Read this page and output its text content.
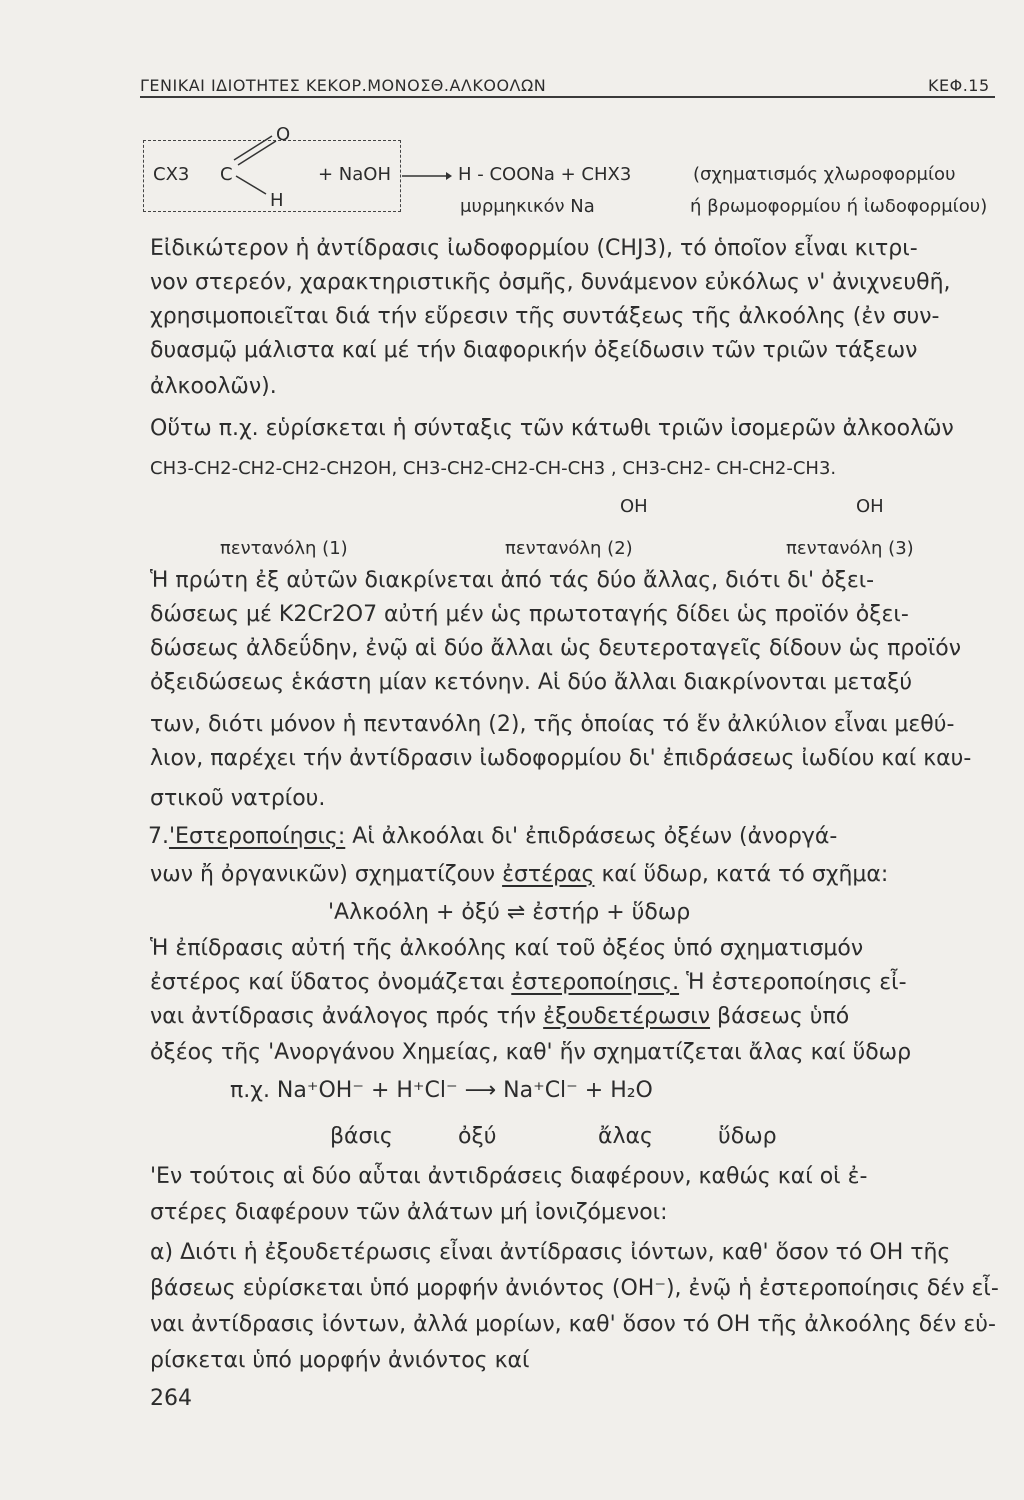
ΓΕΝΙΚΑΙ ΙΔΙΟΤΗΤΕΣ ΚΕΚΟΡ.ΜΟΝΟΣΘ.ΑΛΚΟΟΛΩΝ	ΚΕΦ.15
CX3 C
O
H
+ NaOH → H - COONa + CHX3
μυρμηκικόν Na
(σχηματισμός χλωροφορμίου
ή βρωμοφορμίου ή ἰωδοφορμίου)
Εἰδικώτερον ἡ ἀντίδρασις ἰωδοφορμίου (CHJ3), τό ὁποῖον εἶναι κιτρι-
νον στερεόν, χαρακτηριστικῆς ὀσμῆς, δυνάμενον εὐκόλως ν' ἀνιχνευθῆ,
χρησιμοποιεῖται διά τήν εὕρεσιν τῆς συντάξεως τῆς ἀλκοόλης (ἐν συν-
δυασμῷ μάλιστα καί μέ τήν διαφορικήν ὀξείδωσιν τῶν τριῶν τάξεων
ἀλκοολῶν).
Οὕτω π.χ. εὑρίσκεται ἡ σύνταξις τῶν κάτωθι τριῶν ἰσομερῶν ἀλκοολῶν
CH3-CH2-CH2-CH2-CH2OH, CH3-CH2-CH2-CH-CH3 , CH3-CH2- CH-CH2-CH3.
OH	OH
πεντανόλη (1)	πεντανόλη (2)	πεντανόλη (3)
Ἡ πρώτη ἐξ αὐτῶν διακρίνεται ἀπό τάς δύο ἄλλας, διότι δι' ὀξει-
δώσεως μέ K2Cr2O7 αὐτή μέν ὡς πρωτοταγής δίδει ὡς προϊόν ὀξει-
δώσεως ἀλδεΰδην, ἐνῷ αἱ δύο ἄλλαι ὡς δευτεροταγεῖς δίδουν ὡς προϊόν
ὀξειδώσεως ἑκάστη μίαν κετόνην. Αἱ δύο ἄλλαι διακρίνονται μεταξύ
των, διότι μόνον ἡ πεντανόλη (2), τῆς ὁποίας τό ἕν ἀλκύλιον εἶναι μεθύ-
λιον, παρέχει τήν ἀντίδρασιν ἰωδοφορμίου δι' ἐπιδράσεως ἰωδίου καί καυ-
στικοῦ νατρίου.
7.'Εστεροποίησις: Αἱ ἀλκοόλαι δι' ἐπιδράσεως ὀξέων (ἀνοργά-
νων ἤ ὀργανικῶν) σχηματίζουν ἐστέρας καί ὕδωρ, κατά τό σχῆμα:
'Αλκοόλη + ὀξύ ⇌ ἐστήρ + ὕδωρ
Ἡ ἐπίδρασις αὐτή τῆς ἀλκοόλης καί τοῦ ὀξέος ὑπό σχηματισμόν
ἐστέρος καί ὕδατος ὀνομάζεται ἐστεροποίησις. Ἡ ἐστεροποίησις εἶ-
ναι ἀντίδρασις ἀνάλογος πρός τήν ἐξουδετέρωσιν βάσεως ὑπό
ὀξέος τῆς 'Ανοργάνου Χημείας, καθ' ἥν σχηματίζεται ἄλας καί ὕδωρ
π.χ. Na⁺OH⁻ + H⁺Cl⁻ ⟶ Na⁺Cl⁻ + H₂O
βάσις	ὀξύ	ἄλας	ὕδωρ
'Εν τούτοις αἱ δύο αὗται ἀντιδράσεις διαφέρουν, καθώς καί οἱ ἐ-
στέρες διαφέρουν τῶν ἀλάτων μή ἰονιζόμενοι:
α) Διότι ἡ ἐξουδετέρωσις εἶναι ἀντίδρασις ἰόντων, καθ' ὅσον τό OH τῆς
βάσεως εὑρίσκεται ὑπό μορφήν ἀνιόντος (OH⁻), ἐνῷ ἡ ἐστεροποίησις δέν εἶ-
ναι ἀντίδρασις ἰόντων, ἀλλά μορίων, καθ' ὅσον τό OH τῆς ἀλκοόλης δέν εὑ-
ρίσκεται ὑπό μορφήν ἀνιόντος καί
264
